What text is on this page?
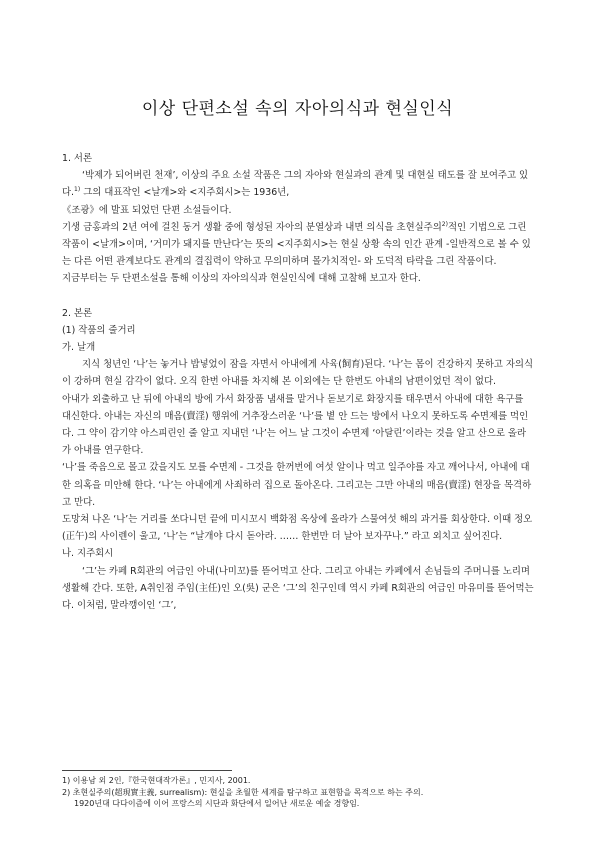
이상 단편소설 속의 자아의식과 현실인식

1. 서론

‘박제가 되어버린 천재’, 이상의 주요 소설 작품은 그의 자아와 현실과의 관계 및 대현실 태도를 잘 보여주고 있다.$^{1)}$ 그의 대표작인 <날개>와 <지주회시>는 1936년,

《조광》에 발표 되었던 단편 소설들이다.

기생 금홍과의 2년 여에 걸친 동거 생활 중에 형성된 자아의 분열상과 내면 의식을 초현실주의$^{2)}$적인 기법으로 그린 작품이 <날개>이며, ‘거미가 돼지를 만난다’는 뜻의 <지주회시>는 현실 상황 속의 인간 관계 -일반적으로 볼 수 있는 다른 어떤 관계보다도 관계의 결집력이 약하고 무의미하며 몰가치적인- 와 도덕적 타락을 그린 작품이다.

지금부터는 두 단편소설을 통해 이상의 자아의식과 현실인식에 대해 고찰해 보고자 한다.

2. 본론

(1) 작품의 줄거리

가. 날개

지식 청년인 ‘나’는 놓거나 밥넣었이 잠을 자면서 아내에게 사육(飼育)된다. ‘나’는 몸이 건강하지 못하고 자의식이 강하며 현실 감각이 없다. 오직 한번 아내를 차지해 본 이외에는 단 한번도 아내의 남편이었던 적이 없다.

아내가 외출하고 난 뒤에 아내의 방에 가서 화장품 냄새를 맡거나 돋보기로 화장지를 태우면서 아내에 대한 욕구를 대신한다. 아내는 자신의 매음(賣淫) 행위에 거추장스러운 ‘나’를 볕 안 드는 방에서 나오지 못하도록 수면제를 먹인다. 그 약이 감기약 아스피린인 줄 알고 지내던 ‘나’는 어느 날 그것이 수면제 ‘아달린’이라는 것을 알고 산으로 올라가 아내를 연구한다.

‘나’를 죽음으로 몰고 갔을지도 모를 수면제 - 그것을 한꺼번에 여섯 알이나 먹고 일주야를 자고 깨어나서, 아내에 대한 의혹을 미안해 한다. ‘나’는 아내에게 사죄하러 집으로 돌아온다. 그리고는 그만 아내의 매음(賣淫) 현장을 목격하고 만다.

도망쳐 나온 ‘나’는 거리를 쏘다니던 끝에 미시꼬시 백화점 옥상에 올라가 스물여섯 해의 과거를 회상한다. 이때 정오(正午)의 사이렌이 울고, ‘나’는 “날개야 다시 돋아라. …… 한번만 더 날아 보자꾸나.” 라고 외치고 싶어진다.

나. 지주회시

‘그’는 카페 R회관의 여급인 아내(나미꼬)를 뜯어먹고 산다. 그리고 아내는 카페에서 손님들의 주머니를 노리며 생활해 간다. 또한, A취인점 주임(主任)인 오(吳) 군은 ‘그’의 친구인데 역시 카페 R회관의 여급인 마유미를 뜯어먹는다. 이처럼, 말라깽이인 ‘그’,

1) 이용남 외 2인,『한국현대작가론』, 민지사, 2001.

2) 초현실주의(超現實主義, surrealism): 현실을 초월한 세계를 탐구하고 표현함을 목적으로 하는 주의.

1920년대 다다이즘에 이어 프랑스의 시단과 화단에서 일어난 새로운 예술 경향임.
